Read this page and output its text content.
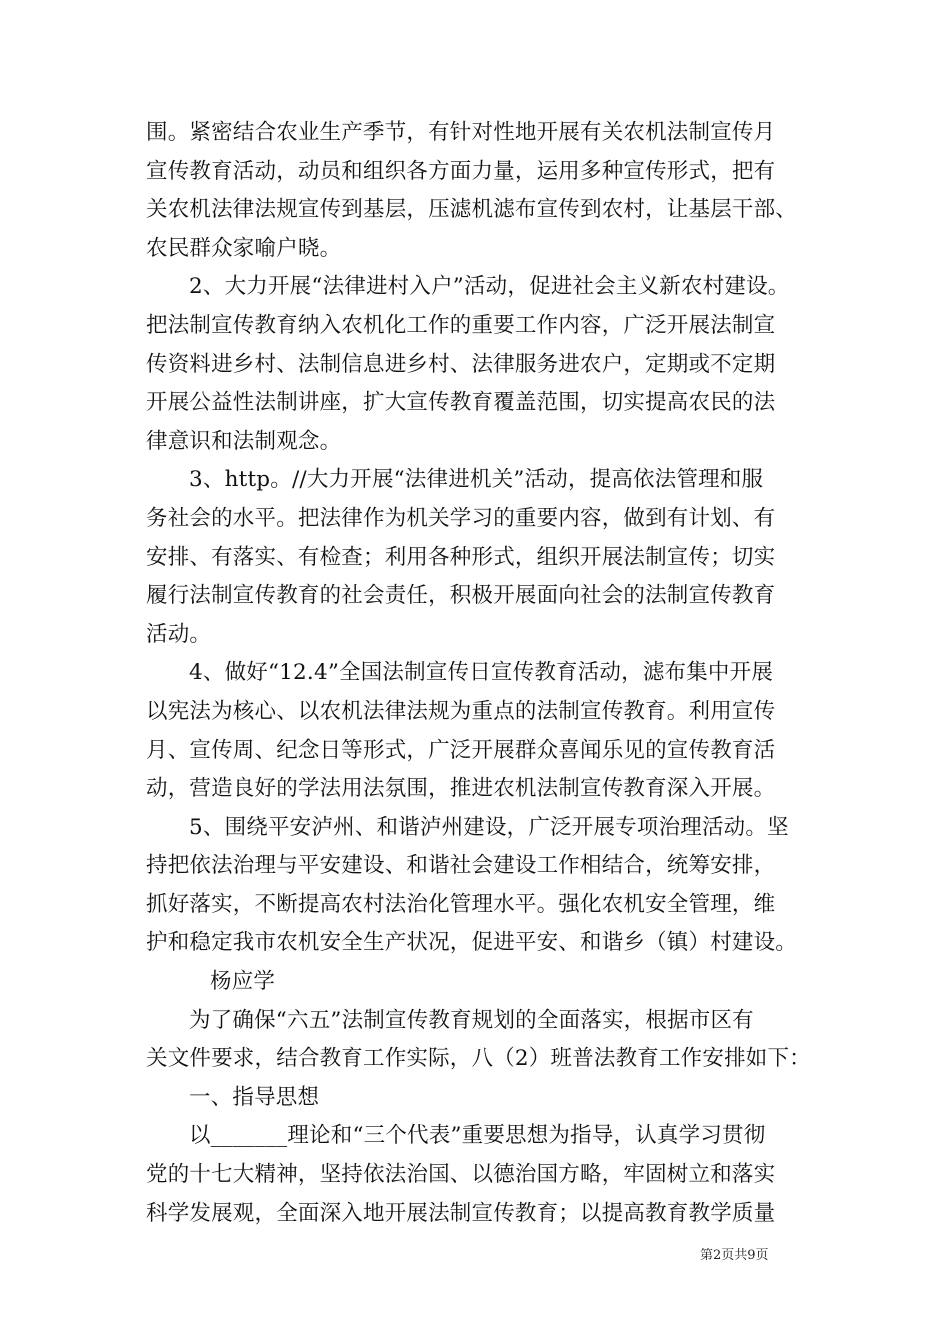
围。紧密结合农业生产季节，有针对性地开展有关农机法制宣传月
宣传教育活动，动员和组织各方面力量，运用多种宣传形式，把有
关农机法律法规宣传到基层，压滤机滤布宣传到农村，让基层干部、
农民群众家喻户晓。
2、大力开展“法律进村入户”活动，促进社会主义新农村建设。
把法制宣传教育纳入农机化工作的重要工作内容，广泛开展法制宣
传资料进乡村、法制信息进乡村、法律服务进农户，定期或不定期
开展公益性法制讲座，扩大宣传教育覆盖范围，切实提高农民的法
律意识和法制观念。
3、http。//大力开展“法律进机关”活动，提高依法管理和服
务社会的水平。把法律作为机关学习的重要内容，做到有计划、有
安排、有落实、有检查；利用各种形式，组织开展法制宣传；切实
履行法制宣传教育的社会责任，积极开展面向社会的法制宣传教育
活动。
4、做好“12.4”全国法制宣传日宣传教育活动，滤布集中开展
以宪法为核心、以农机法律法规为重点的法制宣传教育。利用宣传
月、宣传周、纪念日等形式，广泛开展群众喜闻乐见的宣传教育活
动，营造良好的学法用法氛围，推进农机法制宣传教育深入开展。
5、围绕平安泸州、和谐泸州建设，广泛开展专项治理活动。坚
持把依法治理与平安建设、和谐社会建设工作相结合，统筹安排，
抓好落实，不断提高农村法治化管理水平。强化农机安全管理，维
护和稳定我市农机安全生产状况，促进平安、和谐乡（镇）村建设。
杨应学
为了确保“六五”法制宣传教育规划的全面落实，根据市区有
关文件要求，结合教育工作实际，八（2）班普法教育工作安排如下：
一、指导思想
以_______理论和“三个代表”重要思想为指导，认真学习贯彻
党的十七大精神，坚持依法治国、以德治国方略，牢固树立和落实
科学发展观，全面深入地开展法制宣传教育；以提高教育教学质量
第2页共9页
